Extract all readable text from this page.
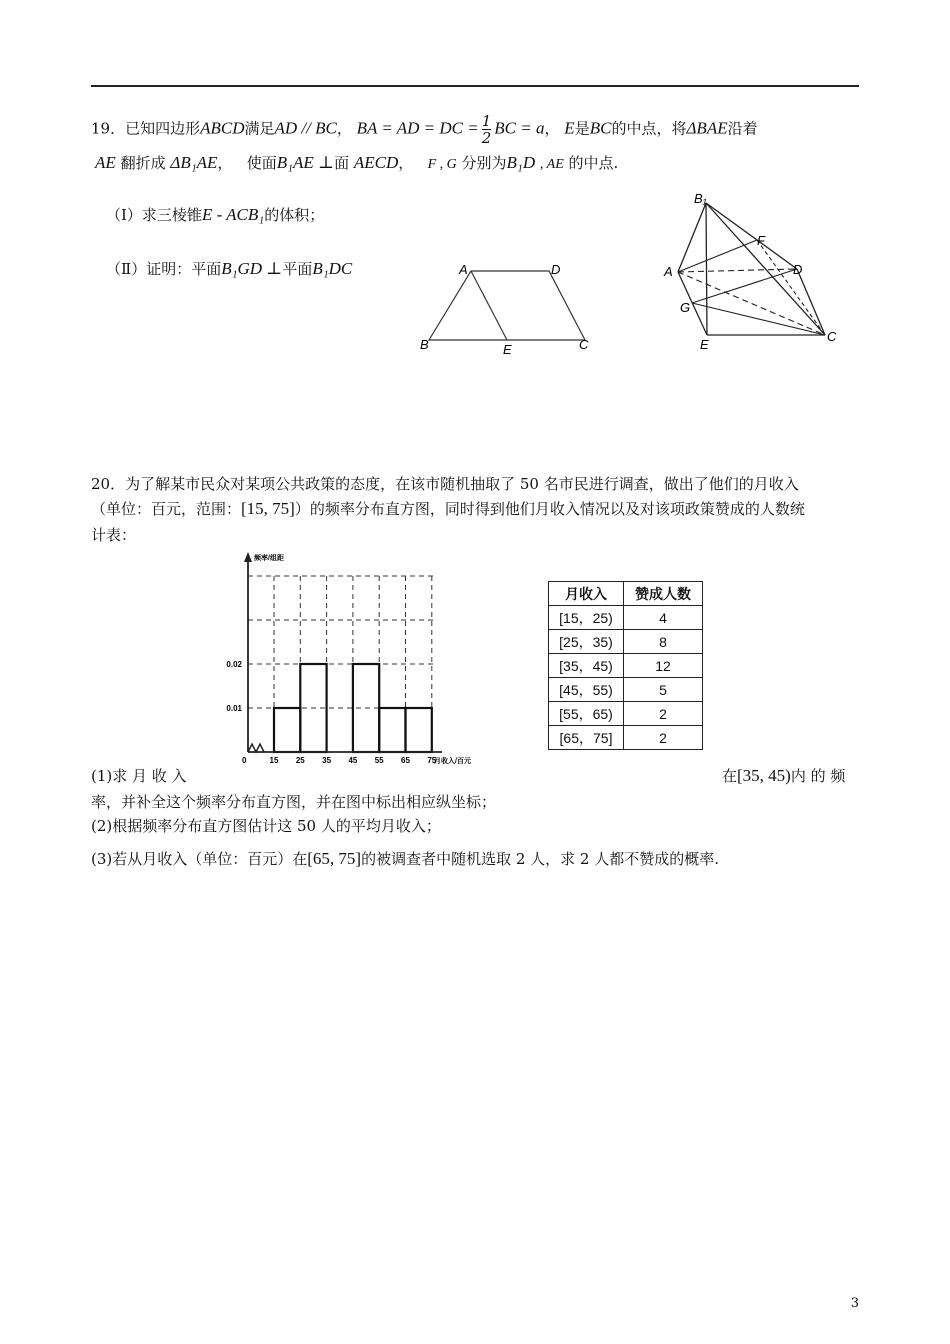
19．已知四边形ABCD满足AD // BC， BA = AD = DC = $\frac{1}{2}$ BC = a， E是BC的中点，将ΔBAE沿着
AE 翻折成 ΔB₁AE， 使面B₁AE ⊥面 AECD， F , G 分别为B₁D , AE 的中点.
（Ⅰ）求三棱锥E - ACB₁的体积；
（Ⅱ）证明：平面B₁GD ⊥平面B₁DC	A	D
B	E	C
B₁
F
A	D
G
E
C
20．为了解某市民众对某项公共政策的态度，在该市随机抽取了 50 名市民进行调查，做出了他们的月收入
（单位：百元，范围：[15, 75]）的频率分布直方图，同时得到他们月收入情况以及对该项政策赞成的人数统
计表：
频率/组距
0	15 25 35 45 55 65 75
0.01
0.02
月收入/百元
月收入	赞成人数
[15，25)	4
[25，35)	8
[35，45)	12
[45，55)	5
[55，65)	2
[65，75]	2
(1)求 月 收 入	在[35, 45)内 的 频
率，并补全这个频率分布直方图，并在图中标出相应纵坐标；
(2)根据频率分布直方图估计这 50 人的平均月收入；
(3)若从月收入（单位：百元）在[65, 75]的被调查者中随机选取 2 人，求 2 人都不赞成的概率.
3
